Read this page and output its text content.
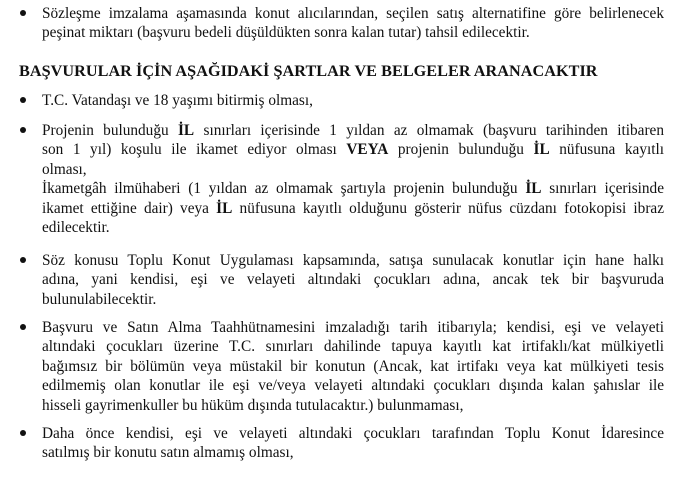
Sözleşme imzalama aşamasında konut alıcılarından, seçilen satış alternatifine göre belirlenecek
peşinat miktarı (başvuru bedeli düşüldükten sonra kalan tutar) tahsil edilecektir.
BAŞVURULAR İÇİN AŞAĞIDAKİ ŞARTLAR VE BELGELER ARANACAKTIR
T.C. Vatandaşı ve 18 yaşımı bitirmiş olması,
Projenin bulunduğu İL sınırları içerisinde 1 yıldan az olmamak (başvuru tarihinden itibaren
son 1 yıl) koşulu ile ikamet ediyor olması VEYA projenin bulunduğu İL nüfusuna kayıtlı
olması,
İkametgâh ilmühaberi (1 yıldan az olmamak şartıyla projenin bulunduğu İL sınırları içerisinde
ikamet ettiğine dair) veya İL nüfusuna kayıtlı olduğunu gösterir nüfus cüzdanı fotokopisi ibraz
edilecektir.
Söz konusu Toplu Konut Uygulaması kapsamında, satışa sunulacak konutlar için hane halkı
adına, yani kendisi, eşi ve velayeti altındaki çocukları adına, ancak tek bir başvuruda
bulunulabilecektir.
Başvuru ve Satın Alma Taahhütnamesini imzaladığı tarih itibarıyla; kendisi, eşi ve velayeti
altındaki çocukları üzerine T.C. sınırları dahilinde tapuya kayıtlı kat irtifaklı/kat mülkiyetli
bağımsız bir bölümün veya müstakil bir konutun (Ancak, kat irtifakı veya kat mülkiyeti tesis
edilmemiş olan konutlar ile eşi ve/veya velayeti altındaki çocukları dışında kalan şahıslar ile
hisseli gayrimenkuller bu hüküm dışında tutulacaktır.) bulunmaması,
Daha önce kendisi, eşi ve velayeti altındaki çocukları tarafından Toplu Konut İdaresince
satılmış bir konutu satın almamış olması,
